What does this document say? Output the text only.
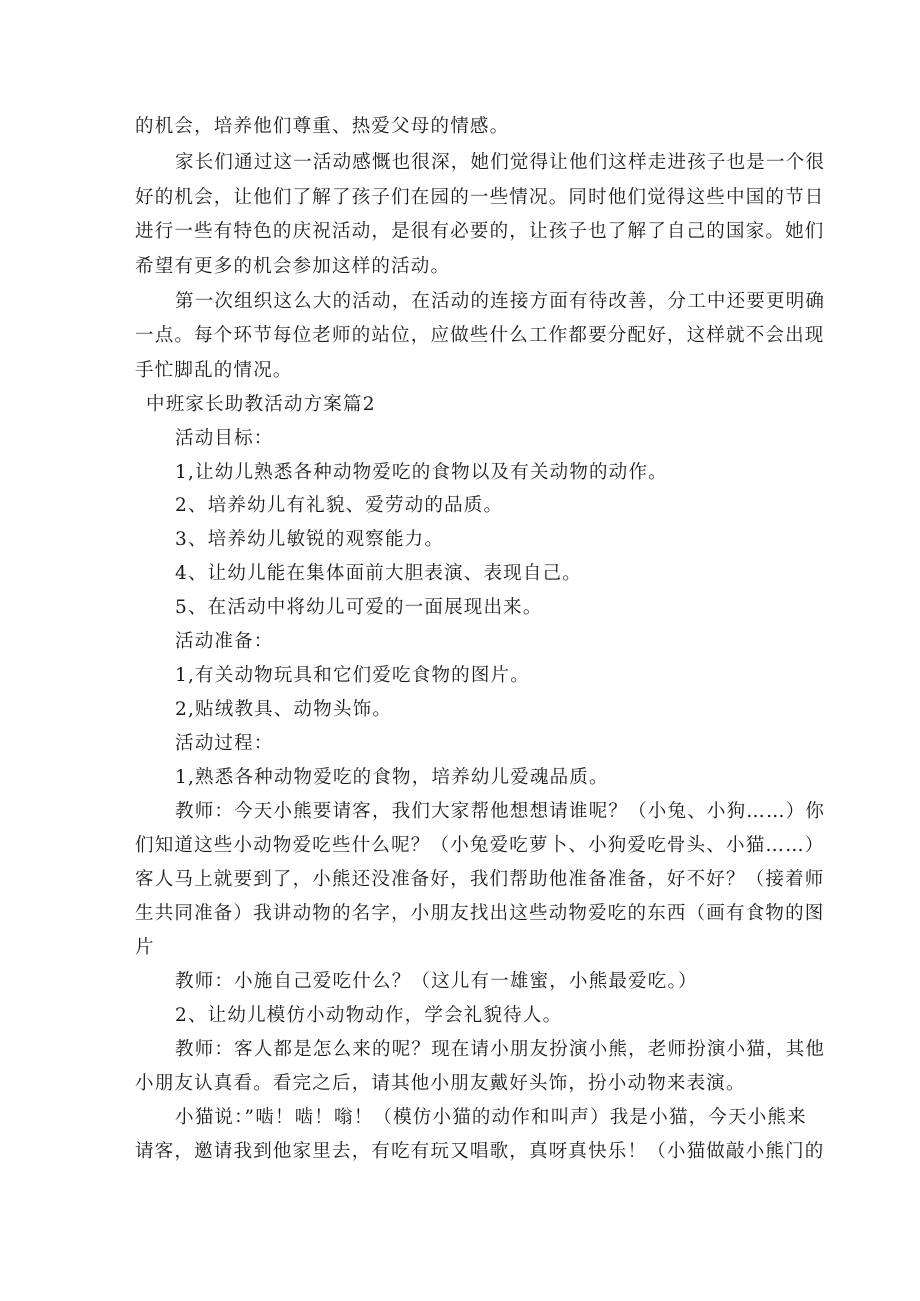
的机会，培养他们尊重、热爱父母的情感。
家长们通过这一活动感慨也很深，她们觉得让他们这样走进孩子也是一个很
好的机会，让他们了解了孩子们在园的一些情况。同时他们觉得这些中国的节日
进行一些有特色的庆祝活动，是很有必要的，让孩子也了解了自己的国家。她们
希望有更多的机会参加这样的活动。
第一次组织这么大的活动，在活动的连接方面有待改善，分工中还要更明确
一点。每个环节每位老师的站位，应做些什么工作都要分配好，这样就不会出现
手忙脚乱的情况。
中班家长助教活动方案篇2
活动目标：
1,让幼儿熟悉各种动物爱吃的食物以及有关动物的动作。
2、培养幼儿有礼貌、爱劳动的品质。
3、培养幼儿敏锐的观察能力。
4、让幼儿能在集体面前大胆表演、表现自己。
5、在活动中将幼儿可爱的一面展现出来。
活动准备：
1,有关动物玩具和它们爱吃食物的图片。
2,贴绒教具、动物头饰。
活动过程：
1,熟悉各种动物爱吃的食物，培养幼儿爱魂品质。
教师：今天小熊要请客，我们大家帮他想想请谁呢？（小兔、小狗……）你
们知道这些小动物爱吃些什么呢？（小兔爱吃萝卜、小狗爱吃骨头、小猫……）
客人马上就要到了，小熊还没准备好，我们帮助他准备准备，好不好？（接着师
生共同准备）我讲动物的名字，小朋友找出这些动物爱吃的东西（画有食物的图
片
教师：小施自己爱吃什么？（这儿有一雄蜜，小熊最爱吃。）
2、让幼儿模仿小动物动作，学会礼貌待人。
教师：客人都是怎么来的呢？现在请小朋友扮演小熊，老师扮演小猫，其他
小朋友认真看。看完之后，请其他小朋友戴好头饰，扮小动物来表演。
小猫说：”啮！啮！嗡！（模仿小猫的动作和叫声）我是小猫，今天小熊来
请客，邀请我到他家里去，有吃有玩又唱歌，真呀真快乐！（小猫做敲小熊门的
